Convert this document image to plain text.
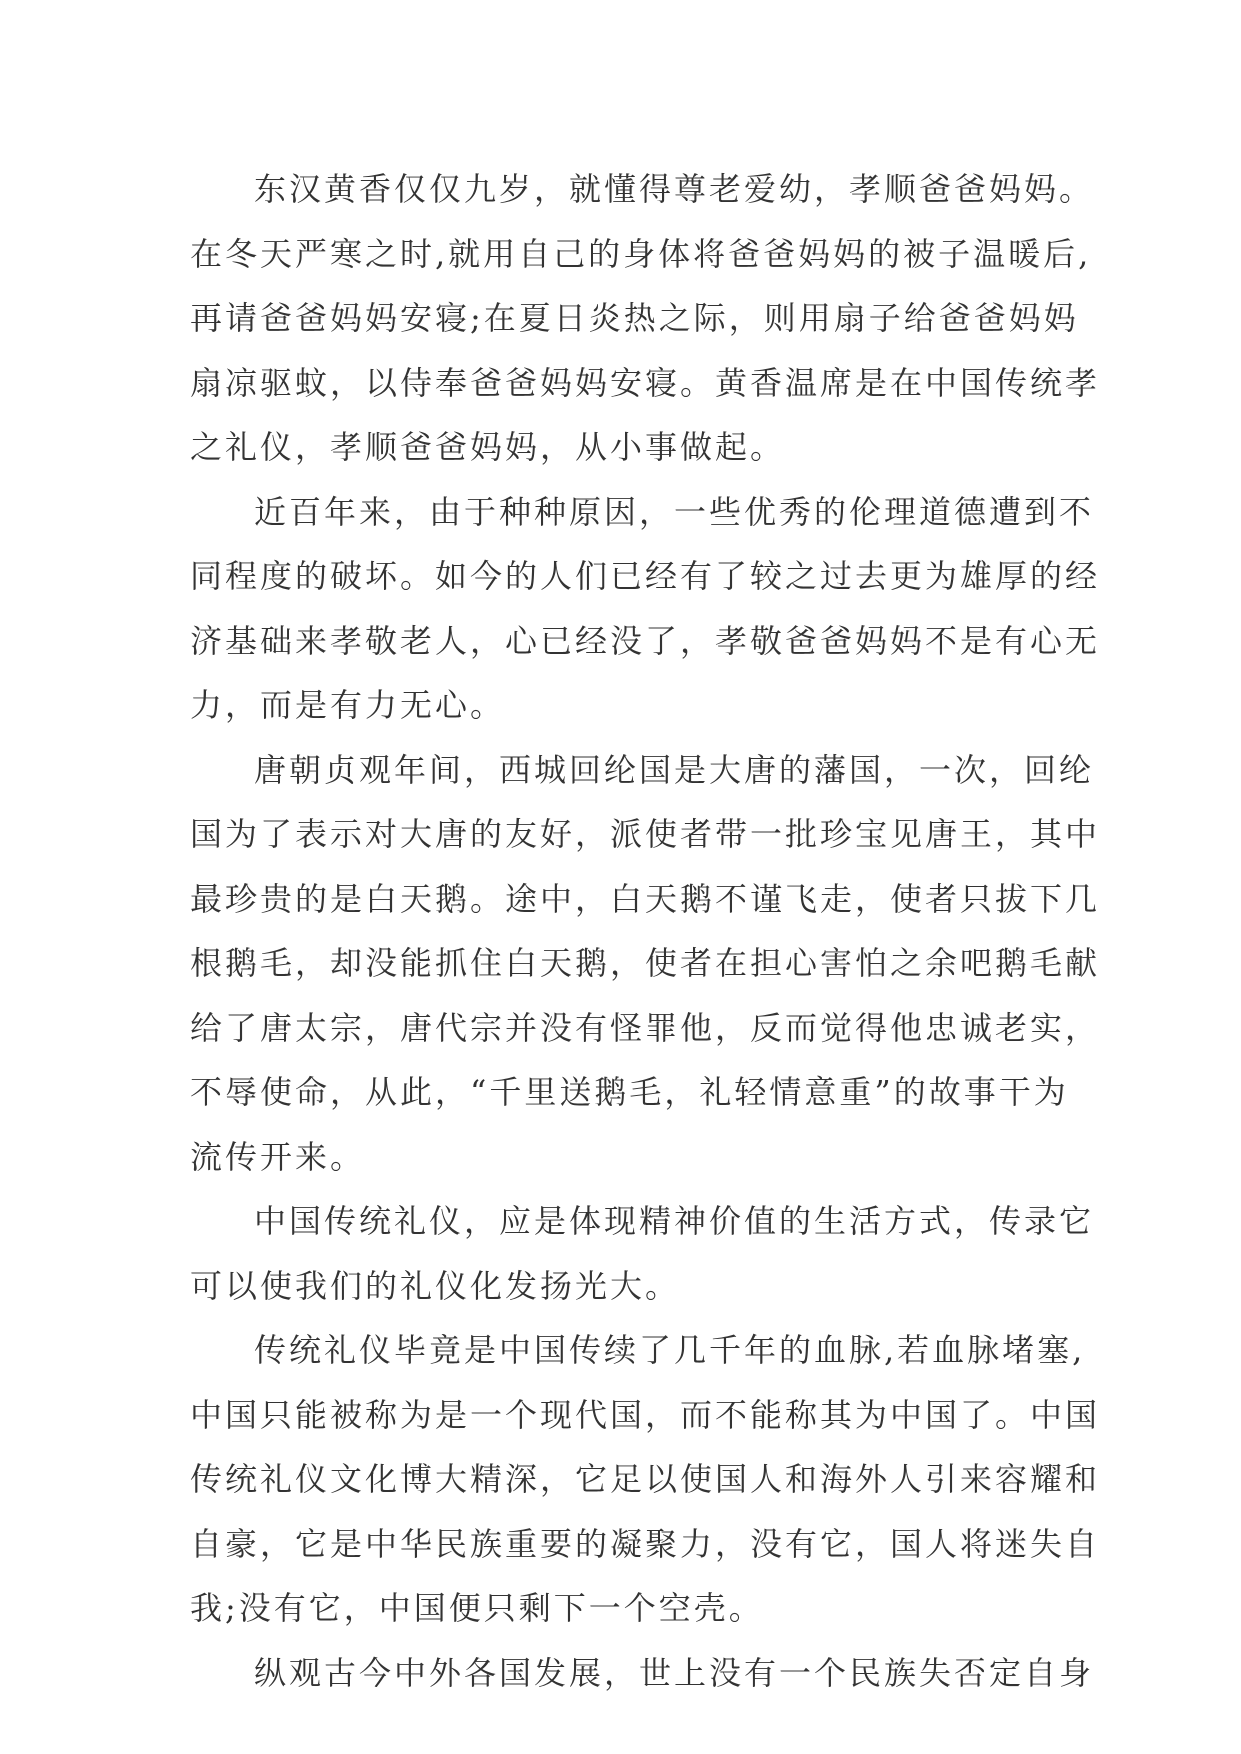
东汉黄香仅仅九岁，就懂得尊老爱幼，孝顺爸爸妈妈。
在冬天严寒之时,就用自己的身体将爸爸妈妈的被子温暖后,
再请爸爸妈妈安寝;在夏日炎热之际，则用扇子给爸爸妈妈
扇凉驱蚊，以侍奉爸爸妈妈安寝。黄香温席是在中国传统孝
之礼仪，孝顺爸爸妈妈，从小事做起。
近百年来，由于种种原因，一些优秀的伦理道德遭到不
同程度的破坏。如今的人们已经有了较之过去更为雄厚的经
济基础来孝敬老人，心已经没了，孝敬爸爸妈妈不是有心无
力，而是有力无心。
唐朝贞观年间，西城回纶国是大唐的藩国，一次，回纶
国为了表示对大唐的友好，派使者带一批珍宝见唐王，其中
最珍贵的是白天鹅。途中，白天鹅不谨飞走，使者只拔下几
根鹅毛，却没能抓住白天鹅，使者在担心害怕之余吧鹅毛献
给了唐太宗，唐代宗并没有怪罪他，反而觉得他忠诚老实，
不辱使命，从此，“千里送鹅毛，礼轻情意重”的故事干为
流传开来。
中国传统礼仪，应是体现精神价值的生活方式，传录它
可以使我们的礼仪化发扬光大。
传统礼仪毕竟是中国传续了几千年的血脉,若血脉堵塞,
中国只能被称为是一个现代国，而不能称其为中国了。中国
传统礼仪文化博大精深，它足以使国人和海外人引来容耀和
自豪，它是中华民族重要的凝聚力，没有它，国人将迷失自
我;没有它，中国便只剩下一个空壳。
纵观古今中外各国发展，世上没有一个民族失否定自身
